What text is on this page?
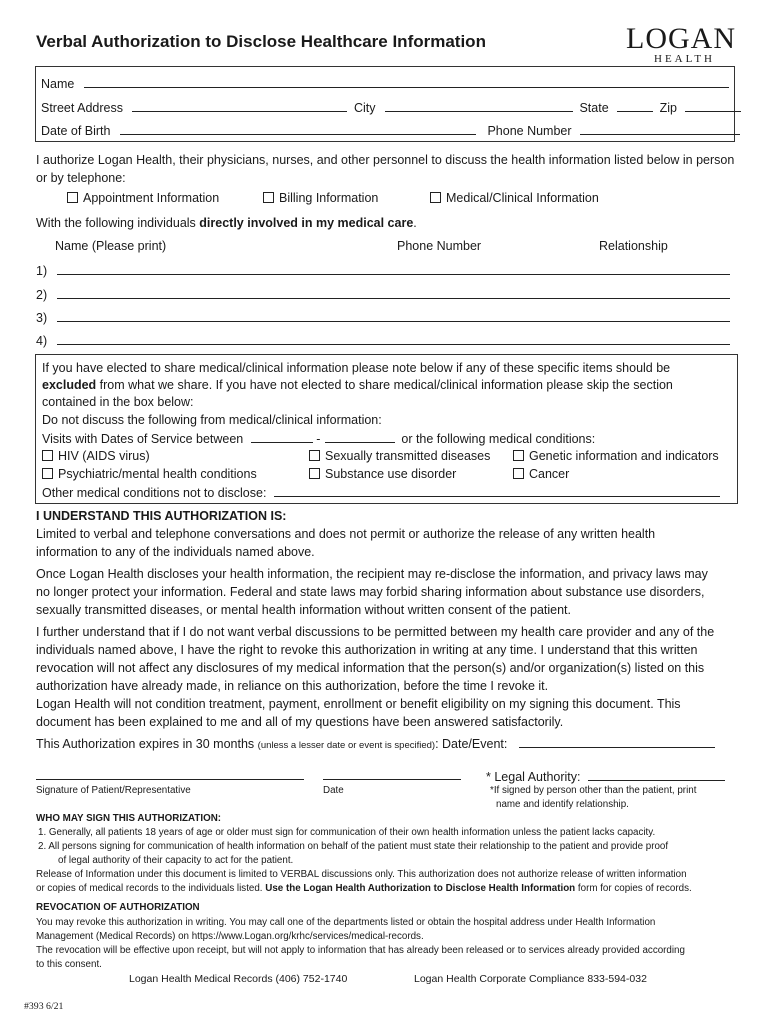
Verbal Authorization to Disclose Healthcare Information	LOGAN
HEALTH
Name
Street Address	City	State	Zip
Date of Birth	Phone Number
I authorize Logan Health, their physicians, nurses, and other personnel to discuss the health information listed below in person or by telephone:
Appointment Information	Billing Information	Medical/Clinical Information
With the following individuals directly involved in my medical care.
Name (Please print)	Phone Number	Relationship
1)
2)
3)
4)
If you have elected to share medical/clinical information please note below if any of these specific items should be
excluded from what we share. If you have not elected to share medical/clinical information please skip the section
contained in the box below:
Do not discuss the following from medical/clinical information:
Visits with Dates of Service between	-	or the following medical conditions:
HIV (AIDS virus)	Sexually transmitted diseases	Genetic information and indicators
Psychiatric/mental health conditions	Substance use disorder	Cancer
Other medical conditions not to disclose:
I UNDERSTAND THIS AUTHORIZATION IS:
Limited to verbal and telephone conversations and does not permit or authorize the release of any written health
information to any of the individuals named above.
Once Logan Health discloses your health information, the recipient may re-disclose the information, and privacy laws may
no longer protect your information. Federal and state laws may forbid sharing information about substance use disorders,
sexually transmitted diseases, or mental health information without written consent of the patient.
I further understand that if I do not want verbal discussions to be permitted between my health care provider and any of the
individuals named above, I have the right to revoke this authorization in writing at any time. I understand that this written
revocation will not affect any disclosures of my medical information that the person(s) and/or organization(s) listed on this
authorization have already made, in reliance on this authorization, before the time I revoke it.
Logan Health will not condition treatment, payment, enrollment or benefit eligibility on my signing this document. This
document has been explained to me and all of my questions have been answered satisfactorily.
This Authorization expires in 30 months (unless a lesser date or event is specified): Date/Event:
Signature of Patient/Representative	Date
* Legal Authority:
*If signed by person other than the patient, print
name and identify relationship.
WHO MAY SIGN THIS AUTHORIZATION:
1. Generally, all patients 18 years of age or older must sign for communication of their own health information unless the patient lacks capacity.
2. All persons signing for communication of health information on behalf of the patient must state their relationship to the patient and provide proof
of legal authority of their capacity to act for the patient.
Release of Information under this document is limited to VERBAL discussions only. This authorization does not authorize release of written information
or copies of medical records to the individuals listed. Use the Logan Health Authorization to Disclose Health Information form for copies of records.
REVOCATION OF AUTHORIZATION
You may revoke this authorization in writing. You may call one of the departments listed or obtain the hospital address under Health Information
Management (Medical Records) on https://www.Logan.org/krhc/services/medical-records.
The revocation will be effective upon receipt, but will not apply to information that has already been released or to services already provided according
to this consent.
Logan Health Medical Records (406) 752-1740	Logan Health Corporate Compliance 833-594-032
#393 6/21
